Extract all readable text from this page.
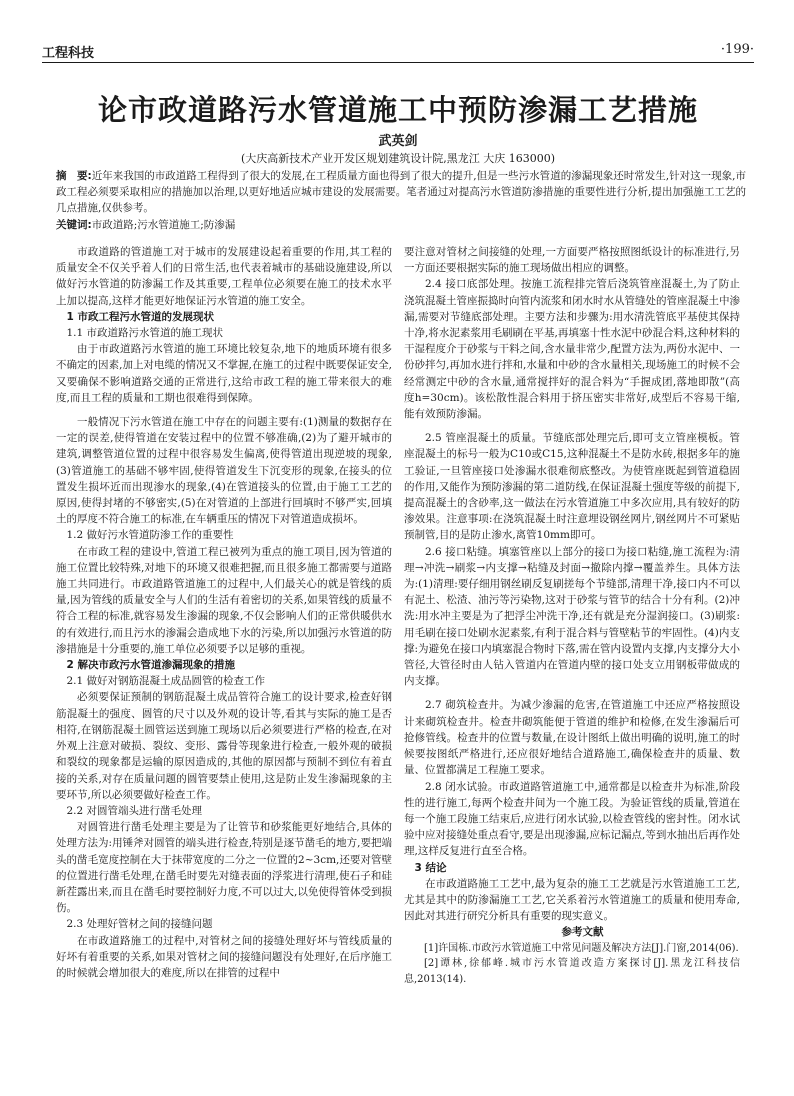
工程科技	·199·
论市政道路污水管道施工中预防渗漏工艺措施
武英剑
(大庆高新技术产业开发区规划建筑设计院,黑龙江 大庆 163000)
摘　要:近年来我国的市政道路工程得到了很大的发展,在工程质量方面也得到了很大的提升,但是一些污水管道的渗漏现象还时常发生,针对这一现象,市政工程必须要采取相应的措施加以治理,以更好地适应城市建设的发展需要。笔者通过对提高污水管道防渗措施的重要性进行分析,提出加强施工工艺的几点措施,仅供参考。
关键词:市政道路;污水管道施工;防渗漏

市政道路的管道施工对于城市的发展建设起着重要的作用,其工程的质量安全不仅关乎着人们的日常生活,也代表着城市的基础设施建设,所以做好污水管道的防渗漏工作及其重要,工程单位必须要在施工的技术水平上加以提高,这样才能更好地保证污水管道的施工安全。

1 市政工程污水管道的发展现状
1.1 市政道路污水管道的施工现状

由于市政道路污水管道的施工环境比较复杂,地下的地质环境有很多不确定的因素,加上对电缆的情况又不掌握,在施工的过程中既要保证安全,又要确保不影响道路交通的正常进行,这给市政工程的施工带来很大的难度,而且工程的质量和工期也很难得到保障。

一般情况下污水管道在施工中存在的问题主要有:(1)测量的数据存在一定的误差,使得管道在安装过程中的位置不够准确,(2)为了避开城市的建筑,调整管道位置的过程中很容易发生偏离,使得管道出现逆坡的现象,(3)管道施工的基础不够牢固,使得管道发生下沉变形的现象,在接头的位置发生损坏近而出现渗水的现象,(4)在管道接头的位置,由于施工工艺的原因,使得封堵的不够密实,(5)在对管道的上部进行回填时不够严实,回填土的厚度不符合施工的标准,在车辆重压的情况下对管道造成损坏。

1.2 做好污水管道防渗工作的重要性

在市政工程的建设中,管道工程已被列为重点的施工项目,因为管道的施工位置比较特殊,对地下的环境又很难把握,而且很多施工都需要与道路施工共同进行。市政道路管道施工的过程中,人们最关心的就是管线的质量,因为管线的质量安全与人们的生活有着密切的关系,如果管线的质量不符合工程的标准,就容易发生渗漏的现象,不仅会影响人们的正常供暖供水的有效进行,而且污水的渗漏会造成地下水的污染,所以加强污水管道的防渗措施是十分重要的,施工单位必须要予以足够的重视。

2 解决市政污水管道渗漏现象的措施
2.1 做好对钢筋混凝土成品圆管的检查工作

必须要保证预制的钢筋混凝土成品管符合施工的设计要求,检查好钢筋混凝土的强度、圆管的尺寸以及外观的设计等,看其与实际的施工是否相符,在钢筋混凝土圆管运送到施工现场以后必须要进行严格的检查,在对外观上注意对破损、裂纹、变形、露骨等现象进行检查,一般外观的破损和裂纹的现象都是运输的原因造成的,其他的原因都与预制不到位有着直接的关系,对存在质量问题的圆管要禁止使用,这是防止发生渗漏现象的主要环节,所以必须要做好检查工作。

2.2 对圆管端头进行凿毛处理

对圆管进行凿毛处理主要是为了让管节和砂浆能更好地结合,具体的处理方法为:用锤斧对圆管的端头进行检查,特别是逐节凿毛的地方,要把端头的凿毛宽度控制在大于抹带宽度的二分之一位置的2~3cm,还要对管壁的位置进行凿毛处理,在凿毛时要先对缝表面的浮浆进行清理,使石子和硅新茬露出来,而且在凿毛时要控制好力度,不可以过大,以免使得管体受到损伤。

2.3 处理好管材之间的接缝问题

在市政道路施工的过程中,对管材之间的接缝处理好坏与管线质量的好坏有着重要的关系,如果对管材之间的接缝问题没有处理好,在后序施工的时候就会增加很大的难度,所以在排管的过程中

要注意对管材之间接缝的处理,一方面要严格按照图纸设计的标准进行,另一方面还要根据实际的施工现场做出相应的调整。

2.4 接口底部处理。按施工流程排完管后浇筑管座混凝土,为了防止浇筑混凝土管座振捣时向管内流浆和闭水时水从管缝处的管座混凝土中渗漏,需要对节缝底部处理。主要方法和步骤为:用水清洗管底平基使其保持十净,将水泥素浆用毛刷刷在平基,再填塞十性水泥中砂混合料,这种材料的干湿程度介于砂浆与干料之间,含水量非常少,配置方法为,两份水泥中、一份砂拌匀,再加水进行拌和,水量和中砂的含水量相关,现场施工的时候不会经常测定中砂的含水量,通常搅拌好的混合料为“手握成团,落地即散”(高度h=30cm)。该松散性混合料用于挤压密实非常好,成型后不容易干缩,能有效预防渗漏。

2.5 管座混凝土的质量。节缝底部处理完后,即可支立管座模板。管座混凝土的标号一般为C10或C15,这种混凝土不是防水砖,根据多年的施工验证,一旦管座接口处渗漏水很难彻底整改。为使管座既起到管道稳固的作用,又能作为预防渗漏的第二道防线,在保证混凝土强度等级的前提下,提高混凝土的含砂率,这一做法在污水管道施工中多次应用,具有较好的防渗效果。注意事项:在浇筑混凝土时注意埋设钢丝网片,钢丝网片不可紧贴预制管,目的是防止渗水,离管10mm即可。

2.6 接口粘缝。填塞管座以上部分的接口为接口粘缝,施工流程为:清理→冲洗→刷浆→内支撑→粘缝及封面→撤除内撑→覆盖养生。具体方法为:(1)清理:要仔细用钢丝刷反复刷搓每个节缝部,清理干净,接口内不可以有泥土、松渣、油污等污染物,这对于砂浆与管节的结合十分有利。(2)冲洗:用水冲主要是为了把浮尘冲洗干净,还有就是充分湿润接口。(3)刷浆:用毛刷在接口处刷水泥素浆,有利于混合料与管壁粘节的牢固性。(4)内支撑:为避免在接口内填塞混合物时下落,需在管内设置内支撑,内支撑分大小管径,大管径时由人钻入管道内在管道内壁的接口处支立用钢板带做成的内支撑。

2.7 砌筑检查井。为减少渗漏的危害,在管道施工中还应严格按照设计来砌筑检查井。检查井砌筑能便于管道的维护和检修,在发生渗漏后可抢修管线。检查井的位置与数量,在设计图纸上做出明确的说明,施工的时候要按图纸严格进行,还应很好地结合道路施工,确保检查井的质量、数量、位置都满足工程施工要求。

2.8 闭水试验。市政道路管道施工中,通常都是以检查井为标准,阶段性的进行施工,每两个检查井间为一个施工段。为验证管线的质量,管道在每一个施工段施工结束后,应进行闭水试验,以检查管线的密封性。闭水试验中应对接缝处重点看守,要是出现渗漏,应标记漏点,等到水抽出后再作处理,这样反复进行直至合格。

3 结论

在市政道路施工工艺中,最为复杂的施工工艺就是污水管道施工工艺,尤其是其中的防渗漏施工工艺,它关系着污水管道施工的质量和使用寿命,因此对其进行研究分析具有重要的现实意义。

参考文献

[1]许国栋.市政污水管道施工中常见问题及解决方法[J].门窗,2014(06).

[2]谭林,徐郁峰.城市污水管道改造方案探讨[J].黑龙江科技信息,2013(14).
